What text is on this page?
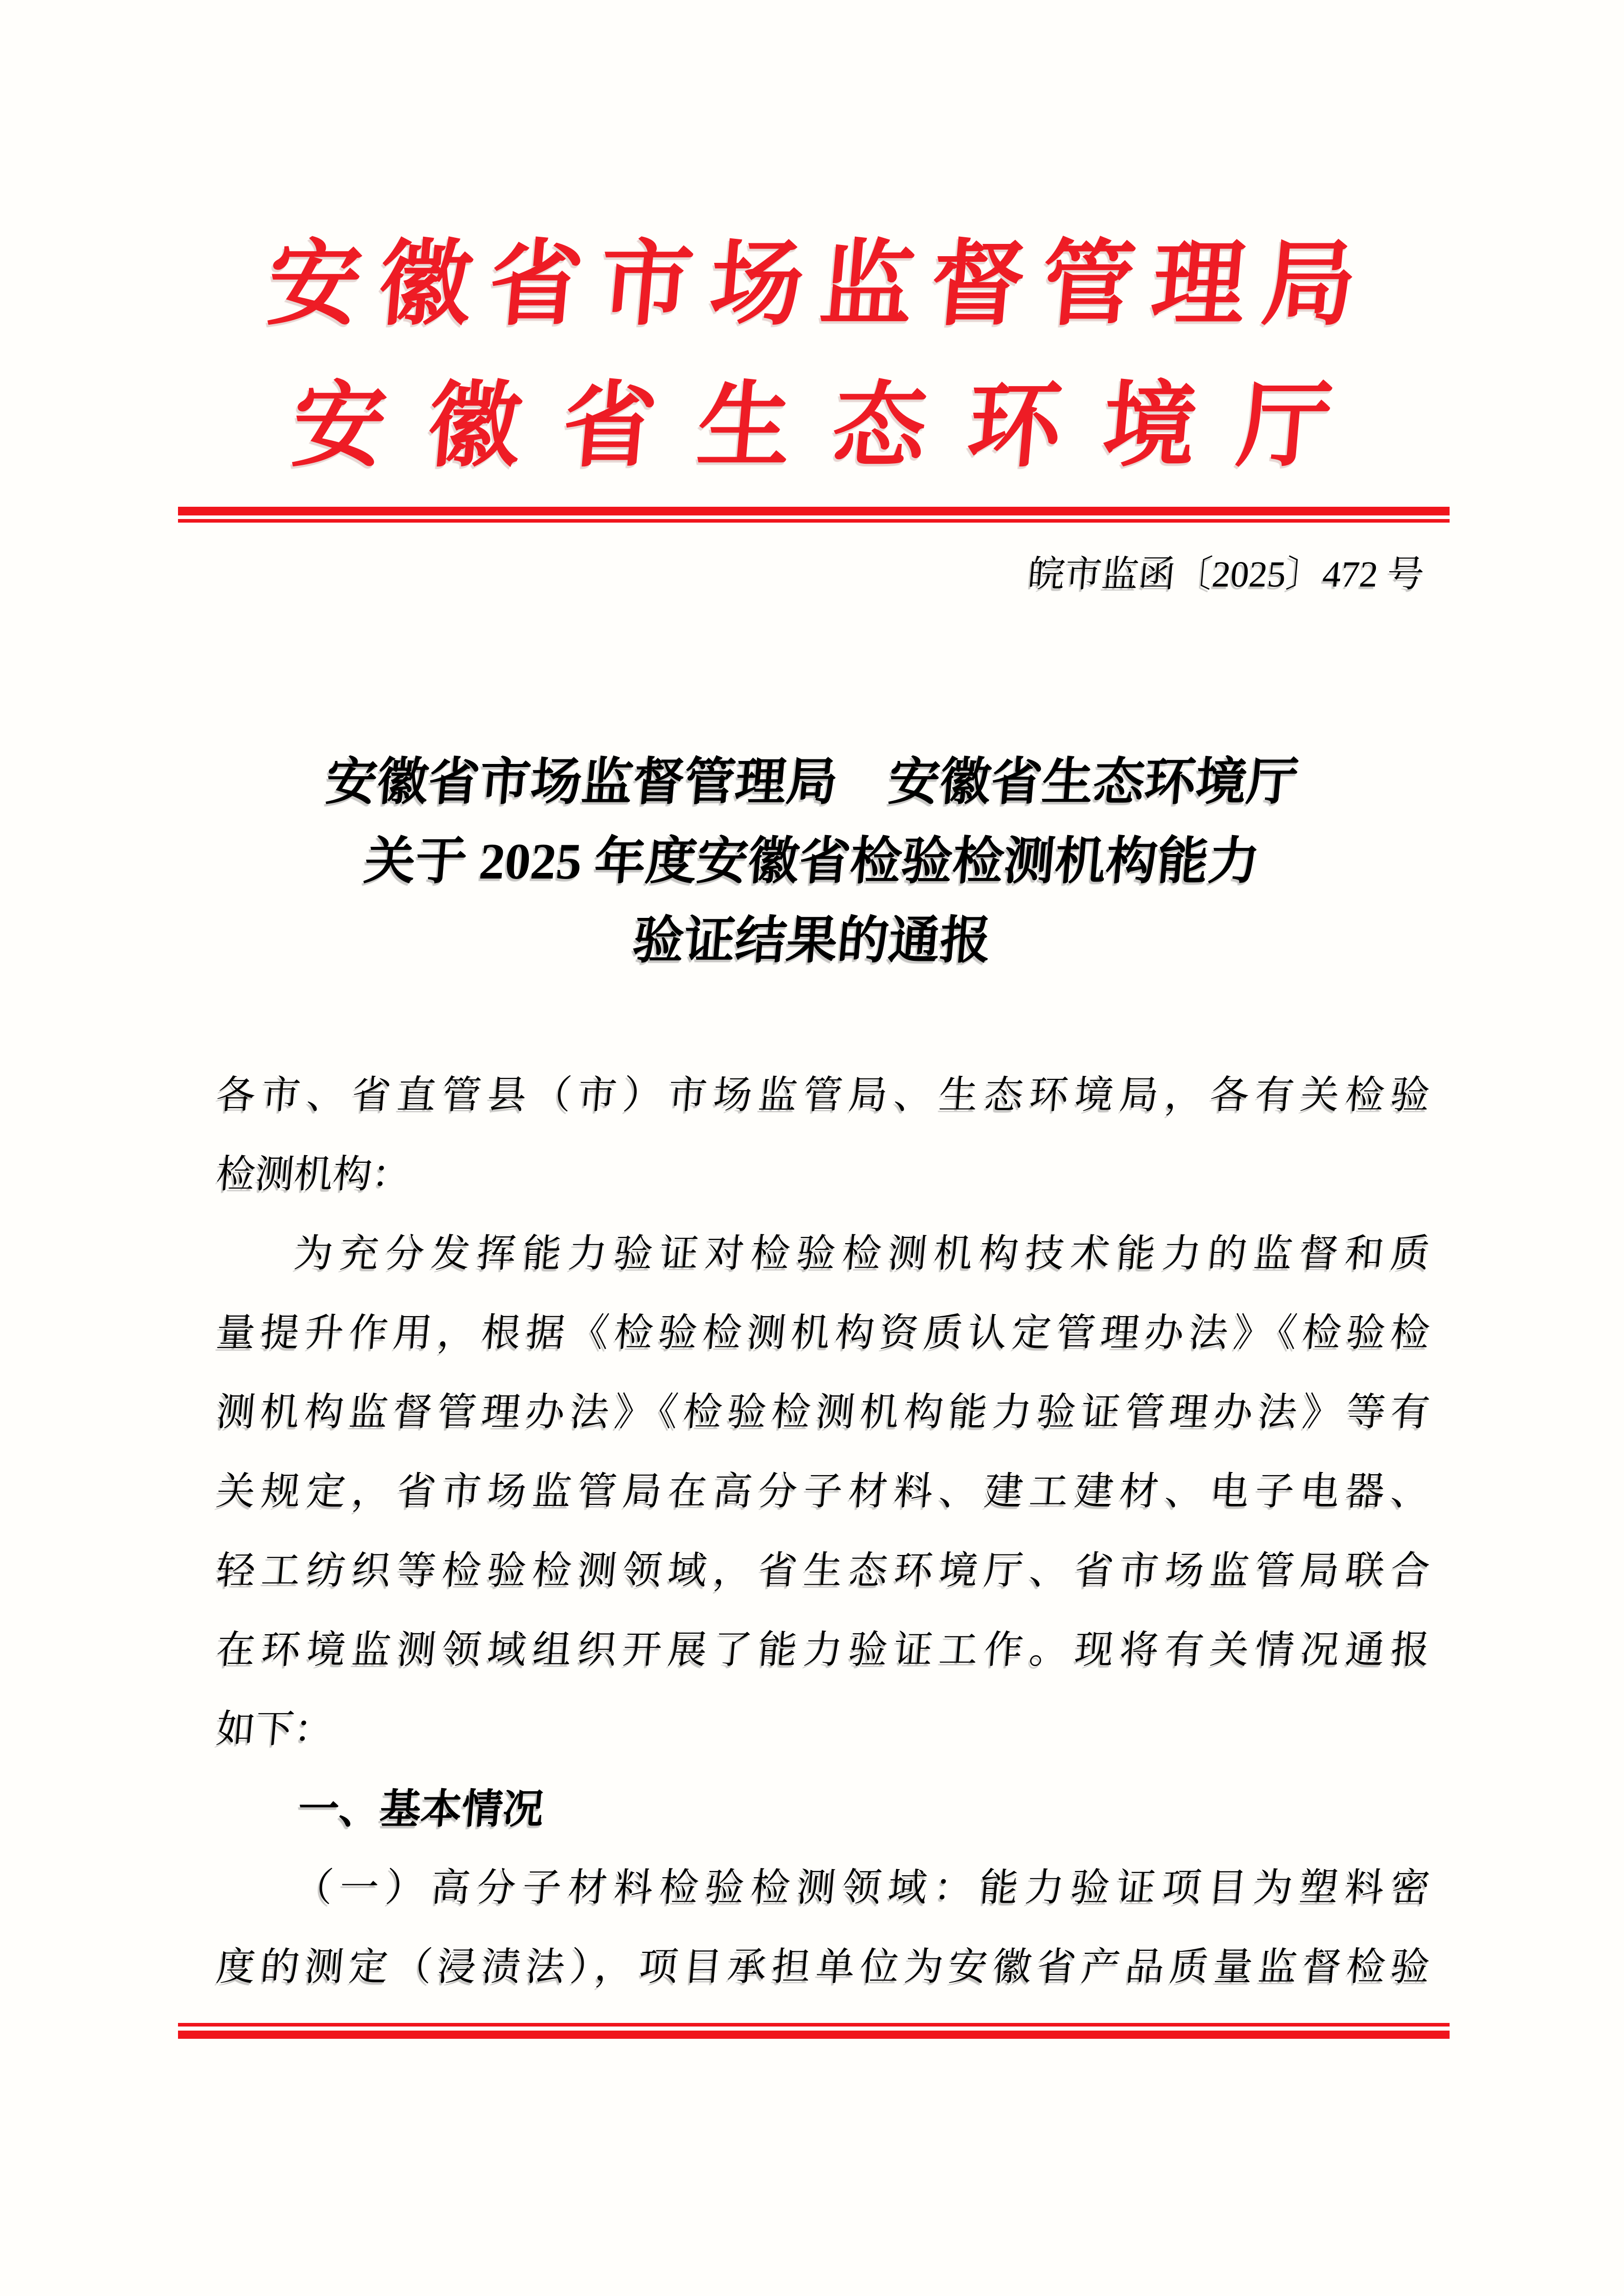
安徽省市场监督管理局
安徽省生态环境厅
皖市监函〔2025〕472 号
安徽省市场监督管理局　安徽省生态环境厅
关于 2025 年度安徽省检验检测机构能力
验证结果的通报
各市、省直管县（市）市场监管局、生态环境局，各有关检验
检测机构：
为充分发挥能力验证对检验检测机构技术能力的监督和质
量提升作用，根据《检验检测机构资质认定管理办法》《检验检
测机构监督管理办法》《检验检测机构能力验证管理办法》等有
关规定，省市场监管局在高分子材料、建工建材、电子电器、
轻工纺织等检验检测领域，省生态环境厅、省市场监管局联合
在环境监测领域组织开展了能力验证工作。现将有关情况通报
如下：
一、基本情况
（一）高分子材料检验检测领域：能力验证项目为塑料密
度的测定（浸渍法），项目承担单位为安徽省产品质量监督检验
